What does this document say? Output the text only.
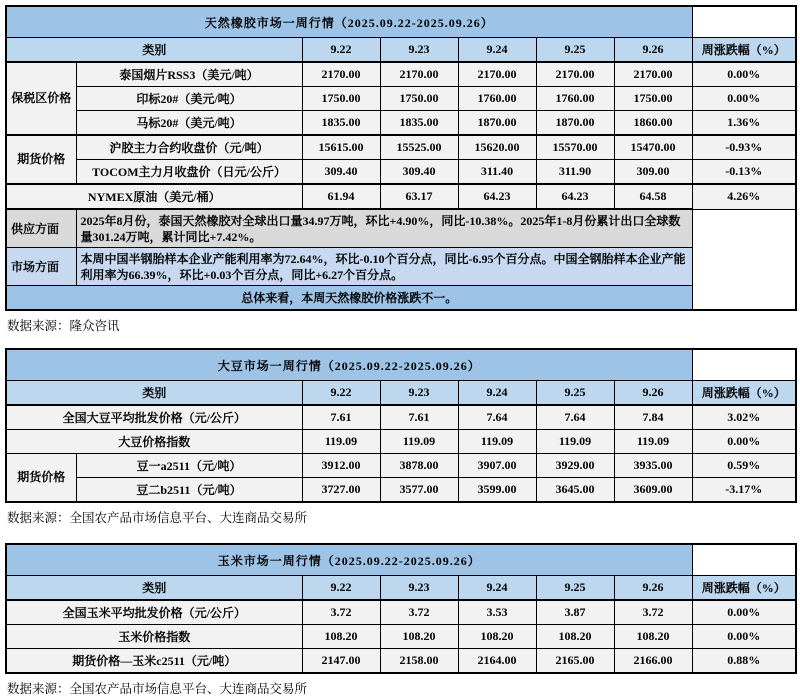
天然橡胶市场一周行情（2025.09.22-2025.09.26）							
类别		9.22	9.23	9.24	9.25	9.26	周涨跌幅（%）
保税区价格	泰国烟片RSS3（美元/吨）	2170.00	2170.00	2170.00	2170.00	2170.00	0.00%
	印标20#（美元/吨）	1750.00	1750.00	1760.00	1760.00	1750.00	0.00%
	马标20#（美元/吨）	1835.00	1835.00	1870.00	1870.00	1860.00	1.36%
期货价格	沪胶主力合约收盘价（元/吨）	15615.00	15525.00	15620.00	15570.00	15470.00	-0.93%
	TOCOM主力月收盘价（日元/公斤）	309.40	309.40	311.40	311.90	309.00	-0.13%
NYMEX原油（美元/桶）		61.94	63.17	64.23	64.23	64.58	4.26%
供应方面	2025年8月份，泰国天然橡胶对全球出口量34.97万吨，环比+4.90%，同比-10.38%。2025年1-8月份累计出口全球数量301.24万吨，累计同比+7.42%。						
市场方面	本周中国半钢胎样本企业产能利用率为72.64%，环比-0.10个百分点，同比-6.95个百分点。中国全钢胎样本企业产能利用率为66.39%，环比+0.03个百分点，同比+6.27个百分点。						
总体来看，本周天然橡胶价格涨跌不一。							
数据来源：隆众咨讯
大豆市场一周行情（2025.09.22-2025.09.26）							
类别		9.22	9.23	9.24	9.25	9.26	周涨跌幅（%）
全国大豆平均批发价格（元/公斤）		7.61	7.61	7.64	7.64	7.84	3.02%
大豆价格指数		119.09	119.09	119.09	119.09	119.09	0.00%
期货价格	豆一a2511（元/吨）	3912.00	3878.00	3907.00	3929.00	3935.00	0.59%
	豆二b2511（元/吨）	3727.00	3577.00	3599.00	3645.00	3609.00	-3.17%
数据来源：全国农产品市场信息平台、大连商品交易所
玉米市场一周行情（2025.09.22-2025.09.26）						
类别	9.22	9.23	9.24	9.25	9.26	周涨跌幅（%）
全国玉米平均批发价格（元/公斤）	3.72	3.72	3.53	3.87	3.72	0.00%
玉米价格指数	108.20	108.20	108.20	108.20	108.20	0.00%
期货价格—玉米c2511（元/吨）	2147.00	2158.00	2164.00	2165.00	2166.00	0.88%
数据来源：全国农产品市场信息平台、大连商品交易所
